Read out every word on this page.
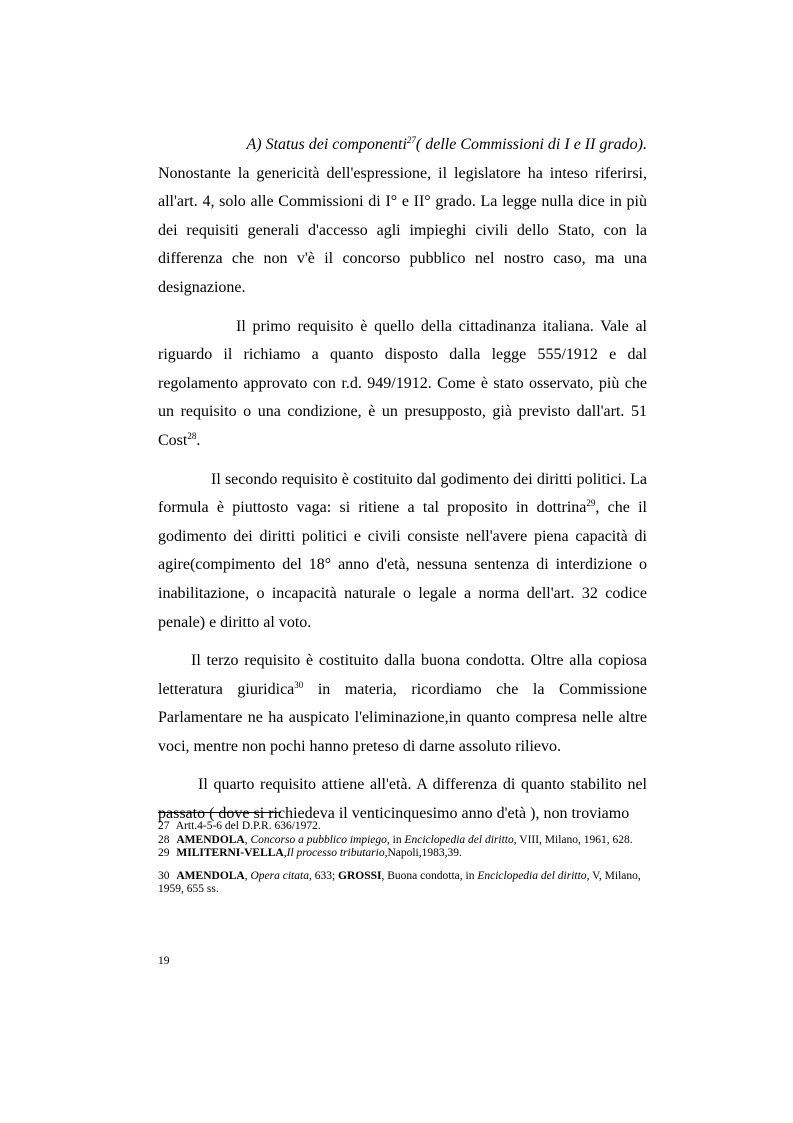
A) Status dei componenti$^{27}$( delle Commissioni di I e II grado).

Nonostante la genericità dell'espressione, il legislatore ha inteso riferirsi, all'art. 4, solo alle Commissioni di I° e II° grado. La legge nulla dice in più dei requisiti generali d'accesso agli impieghi civili dello Stato, con la differenza che non v'è il concorso pubblico nel nostro caso, ma una designazione.

Il primo requisito è quello della cittadinanza italiana. Vale al riguardo il richiamo a quanto disposto dalla legge 555/1912 e dal regolamento approvato con r.d. 949/1912. Come è stato osservato, più che un requisito o una condizione, è un presupposto, già previsto dall'art. 51 Cost$^{28}$.

Il secondo requisito è costituito dal godimento dei diritti politici. La formula è piuttosto vaga: si ritiene a tal proposito in dottrina$^{29}$, che il godimento dei diritti politici e civili consiste nell'avere piena capacità di agire(compimento del 18° anno d'età, nessuna sentenza di interdizione o inabilitazione, o incapacità naturale o legale a norma dell'art. 32 codice penale) e diritto al voto.

Il terzo requisito è costituito dalla buona condotta. Oltre alla copiosa letteratura giuridica$^{30}$ in materia, ricordiamo che la Commissione Parlamentare ne ha auspicato l'eliminazione,in quanto compresa nelle altre voci, mentre non pochi hanno preteso di darne assoluto rilievo.

Il quarto requisito attiene all'età. A differenza di quanto stabilito nel passato ( dove si richiedeva il venticinquesimo anno d'età ), non troviamo

27 Artt.4-5-6 del D.P.R. 636/1972.

28 AMENDOLA, Concorso a pubblico impiego, in Enciclopedia del diritto, VIII, Milano, 1961, 628.

29 MILITERNI-VELLA,Il processo tributario,Napoli,1983,39.

30 AMENDOLA, Opera citata, 633; GROSSI, Buona condotta, in Enciclopedia del diritto, V, Milano, 1959, 655 ss.

19
